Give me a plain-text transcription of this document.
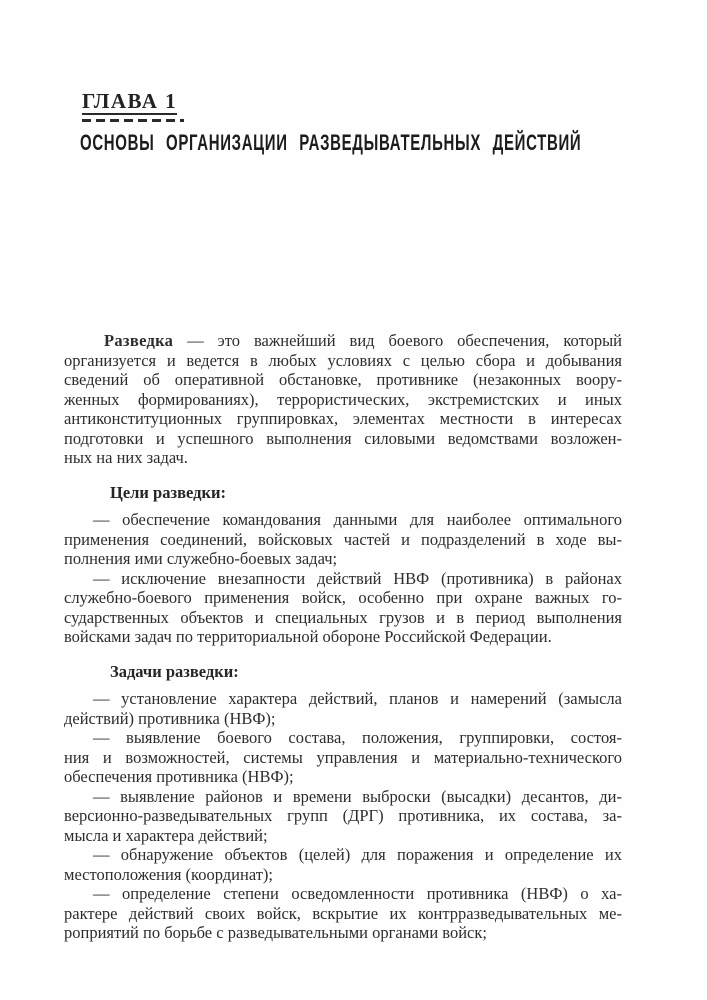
ГЛАВА 1
ОСНОВЫ ОРГАНИЗАЦИИ РАЗВЕДЫВАТЕЛЬНЫХ ДЕЙСТВИЙ
Разведка — это важнейший вид боевого обеспечения, который
организуется и ведется в любых условиях с целью сбора и добывания
сведений об оперативной обстановке, противнике (незаконных воору-
женных формированиях), террористических, экстремистских и иных
антиконституционных группировках, элементах местности в интересах
подготовки и успешного выполнения силовыми ведомствами возложен-
ных на них задач.
Цели разведки:
— обеспечение командования данными для наиболее оптимального
применения соединений, войсковых частей и подразделений в ходе вы-
полнения ими служебно-боевых задач;
— исключение внезапности действий НВФ (противника) в районах
служебно-боевого применения войск, особенно при охране важных го-
сударственных объектов и специальных грузов и в период выполнения
войсками задач по территориальной обороне Российской Федерации.
Задачи разведки:
— установление характера действий, планов и намерений (замысла
действий) противника (НВФ);
— выявление боевого состава, положения, группировки, состоя-
ния и возможностей, системы управления и материально-технического
обеспечения противника (НВФ);
— выявление районов и времени выброски (высадки) десантов, ди-
версионно-разведывательных групп (ДРГ) противника, их состава, за-
мысла и характера действий;
— обнаружение объектов (целей) для поражения и определение их
местоположения (координат);
— определение степени осведомленности противника (НВФ) о ха-
рактере действий своих войск, вскрытие их контрразведывательных ме-
роприятий по борьбе с разведывательными органами войск;
